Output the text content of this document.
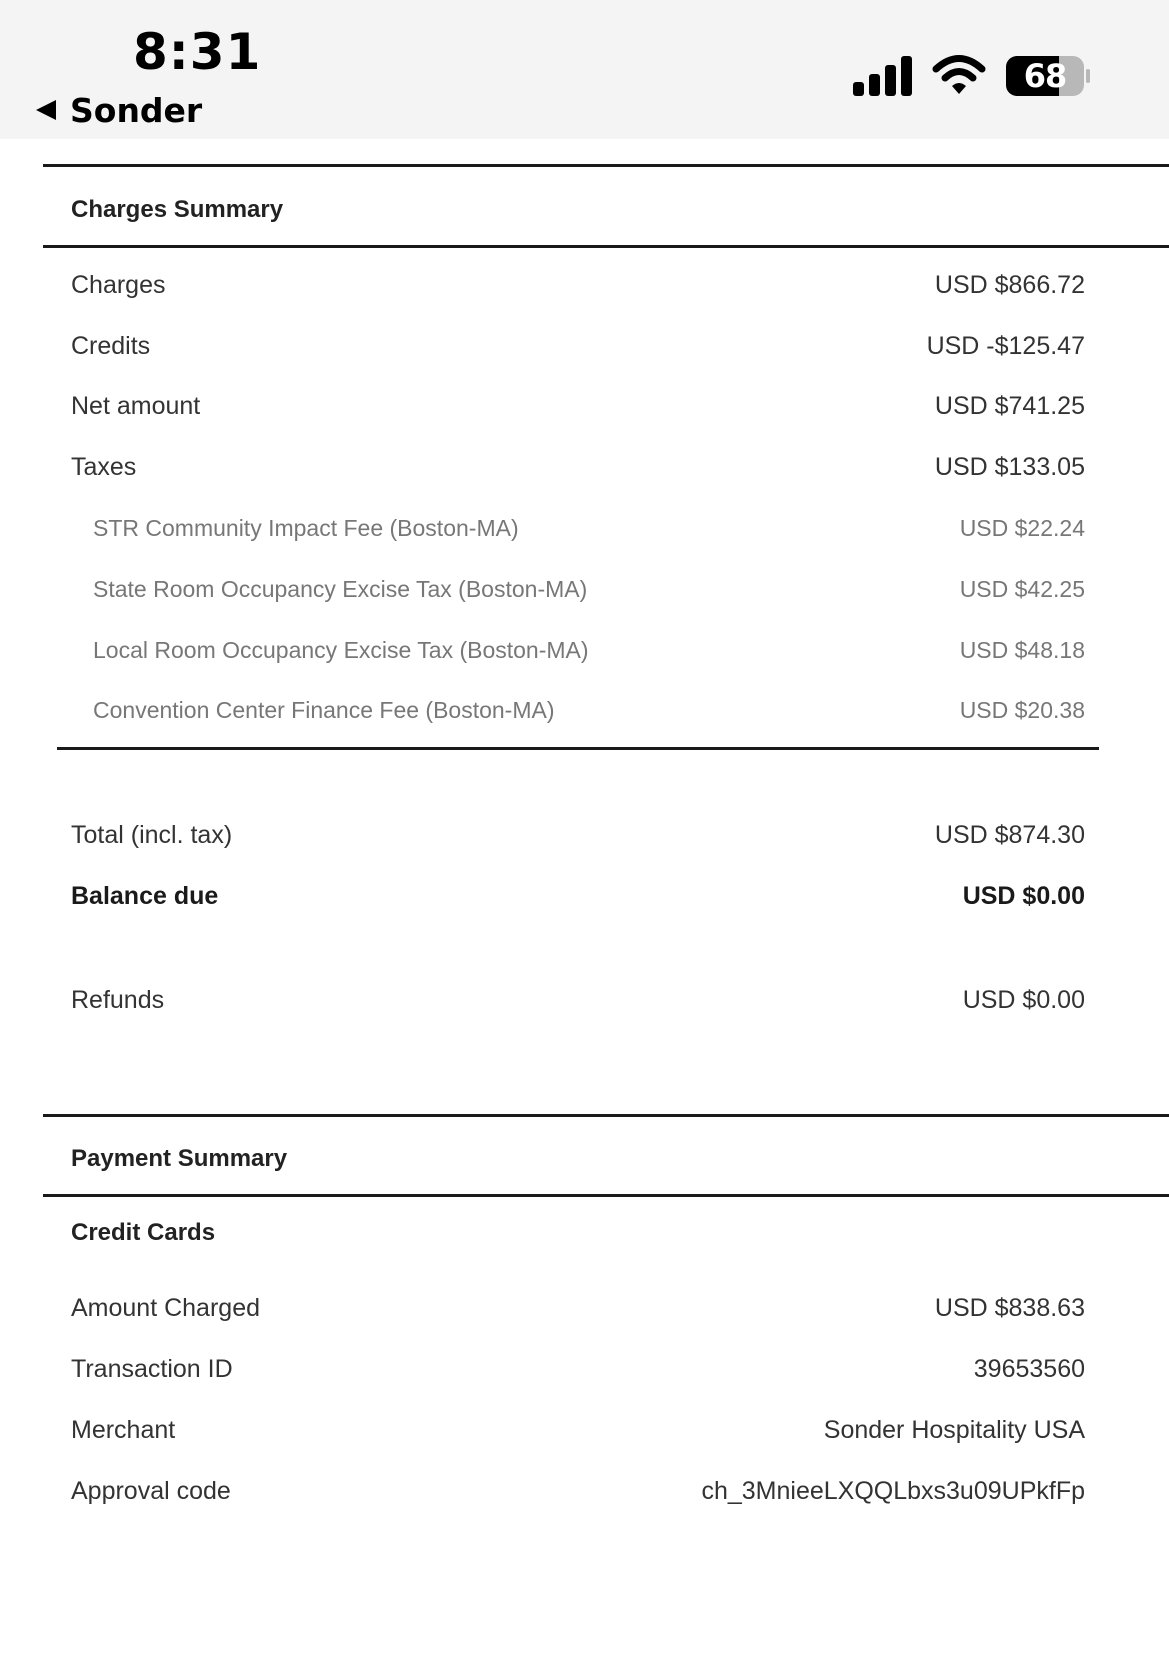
8:31
Sonder
68
Charges Summary
Charges	USD $866.72
Credits	USD -$125.47
Net amount	USD $741.25
Taxes	USD $133.05
STR Community Impact Fee (Boston-MA)	USD $22.24
State Room Occupancy Excise Tax (Boston-MA)	USD $42.25
Local Room Occupancy Excise Tax (Boston-MA)	USD $48.18
Convention Center Finance Fee (Boston-MA)	USD $20.38
Total (incl. tax)	USD $874.30
Balance due	USD $0.00
Refunds	USD $0.00
Payment Summary
Credit Cards
Amount Charged	USD $838.63
Transaction ID	39653560
Merchant	Sonder Hospitality USA
Approval code	ch_3MnieeLXQQLbxs3u09UPkfFp
